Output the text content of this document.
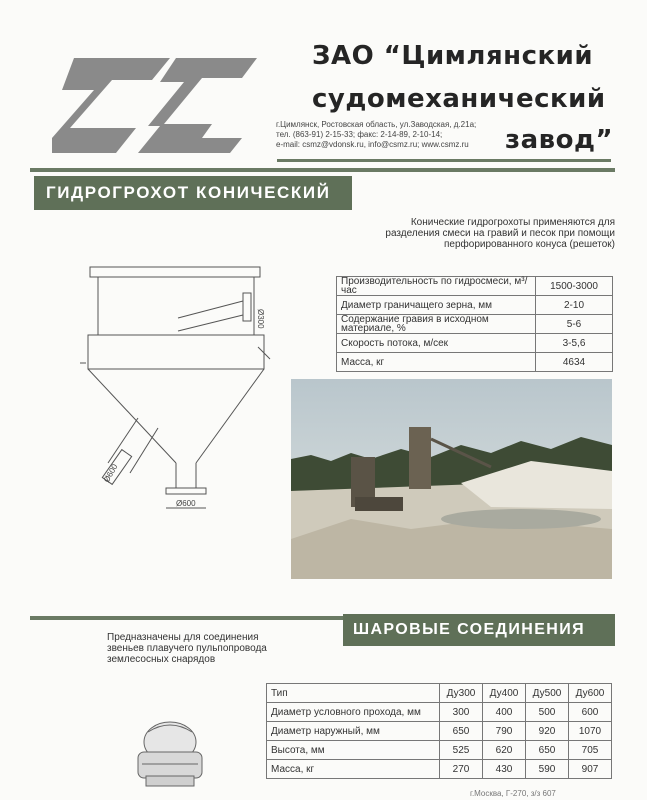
ЗАО “Цимлянский
судомеханический
завод”
г.Цимлянск, Ростовская область, ул.Заводская, д.21а;
тел. (863-91) 2-15-33; факс: 2-14-89, 2-10-14;
e-mail: csmz@vdonsk.ru, info@csmz.ru; www.csmz.ru
ГИДРОГРОХОТ КОНИЧЕСКИЙ
Конические гидрогрохоты применяются для
разделения смеси на гравий и песок при помощи
перфорированного конуса (решеток)
Ø300
Ø600
Ø600
Производительность по гидросмеси, м³/час	1500-3000
Диаметр граничащего зерна, мм	2-10
Содержание гравия в исходном материале, %	5-6
Скорость потока, м/сек	3-5,6
Масса, кг	4634
ШАРОВЫЕ СОЕДИНЕНИЯ
Предназначены для соединения
звеньев плавучего пульпопровода
землесосных снарядов
Тип	Ду300	Ду400	Ду500	Ду600
Диаметр условного прохода, мм	300	400	500	600
Диаметр наружный, мм	650	790	920	1070
Высота, мм	525	620	650	705
Масса, кг	270	430	590	907
г.Москва, Г-270, з/з 607
